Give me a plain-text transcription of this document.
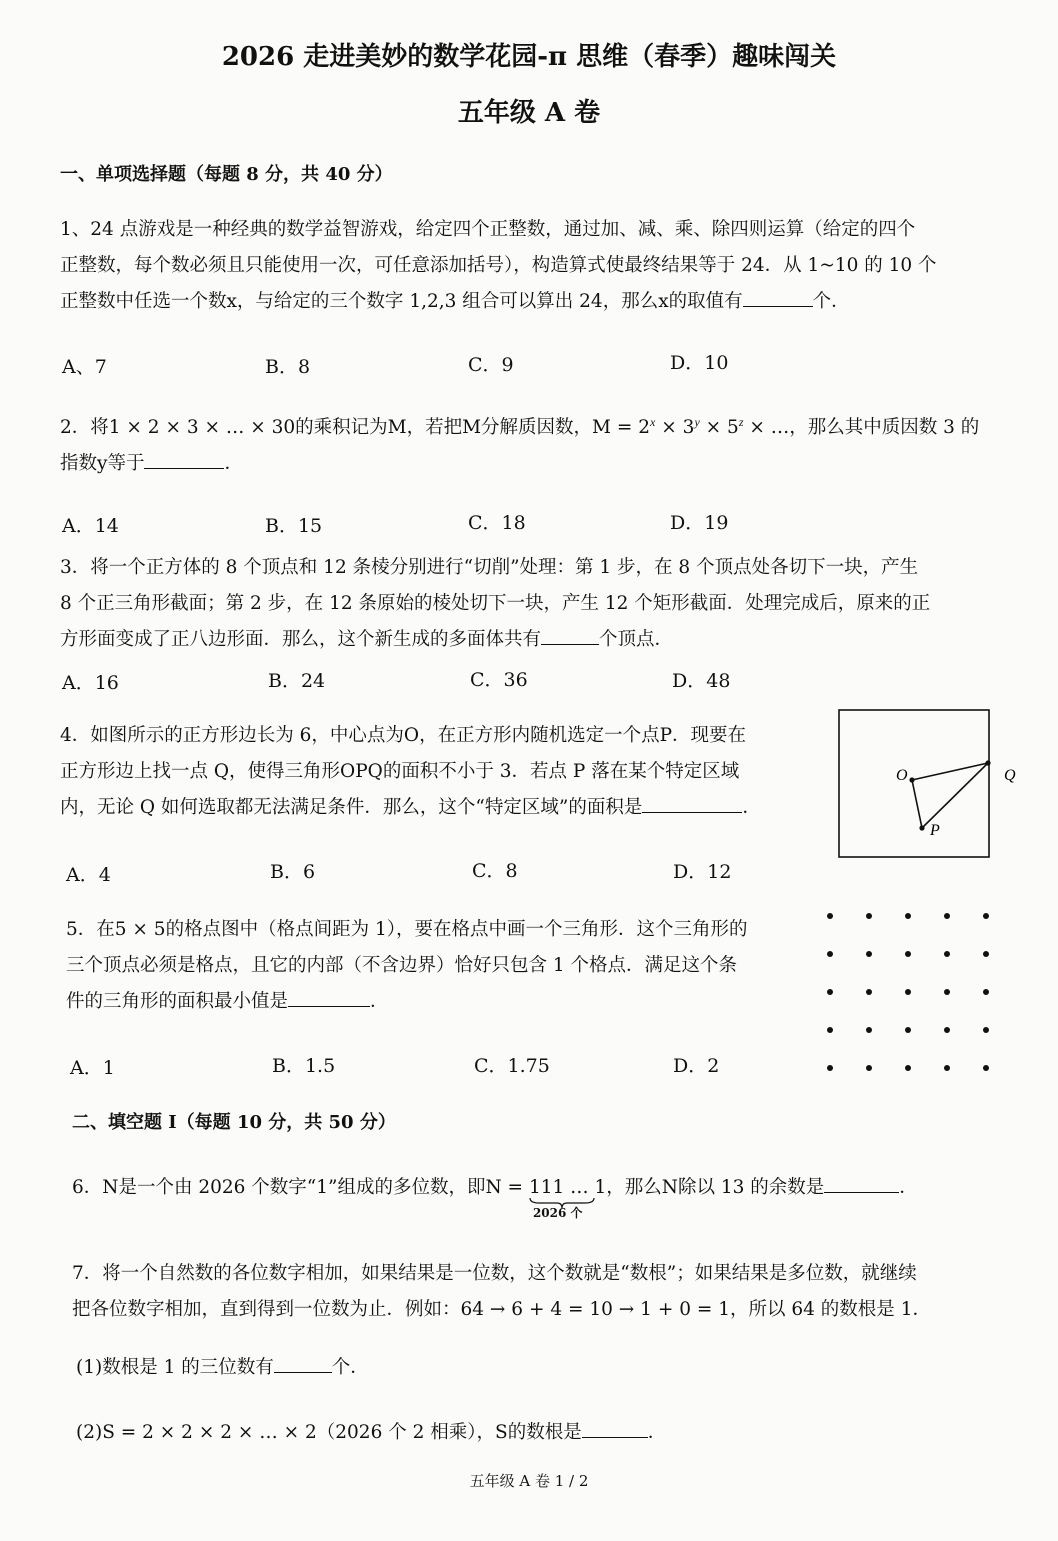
2026 走进美妙的数学花园-π 思维（春季）趣味闯关
五年级 A 卷
一、单项选择题（每题 8 分，共 40 分）
1、24 点游戏是一种经典的数学益智游戏，给定四个正整数，通过加、减、乘、除四则运算（给定的四个
正整数，每个数必须且只能使用一次，可任意添加括号），构造算式使最终结果等于 24．从 1~10 的 10 个
正整数中任选一个数x，与给定的三个数字 1,2,3 组合可以算出 24，那么x的取值有	个．
A、7	B．8	C．9	D．10
2．将1 × 2 × 3 × … × 30的乘积记为M，若把M分解质因数，$M = 2^x \times 3^y \times 5^z$ × …，那么其中质因数 3 的
指数y等于	．
A．14	B．15	C．18	D．19
3．将一个正方体的 8 个顶点和 12 条棱分别进行“切削”处理：第 1 步，在 8 个顶点处各切下一块，产生
8 个正三角形截面；第 2 步，在 12 条原始的棱处切下一块，产生 12 个矩形截面．处理完成后，原来的正
方形面变成了正八边形面．那么，这个新生成的多面体共有	个顶点．
A．16	B．24	C．36	D．48
4．如图所示的正方形边长为 6，中心点为O，在正方形内随机选定一个点P．现要在
正方形边上找一点 Q，使得三角形OPQ的面积不小于 3．若点 P 落在某个特定区域
内，无论 Q 如何选取都无法满足条件．那么，这个“特定区域”的面积是	．
A．4	B．6	C．8	D．12
O
P
Q
5．在5 × 5的格点图中（格点间距为 1），要在格点中画一个三角形．这个三角形的
三个顶点必须是格点，且它的内部（不含边界）恰好只包含 1 个格点．满足这个条
件的三角形的面积最小值是	．
A．1	B．1.5	C．1.75	D．2
二、填空题 I（每题 10 分，共 50 分）
6．N是一个由 2026 个数字“1”组成的多位数，即N = 111 … 1
2026 个
，那么N除以 13 的余数是	．
7．将一个自然数的各位数字相加，如果结果是一位数，这个数就是“数根”；如果结果是多位数，就继续
把各位数字相加，直到得到一位数为止．例如：64 → 6 + 4 = 10 → 1 + 0 = 1，所以 64 的数根是 1．
(1)数根是 1 的三位数有	个．
(2)S = 2 × 2 × 2 × … × 2（2026 个 2 相乘），S的数根是	．
五年级 A 卷 1 / 2
